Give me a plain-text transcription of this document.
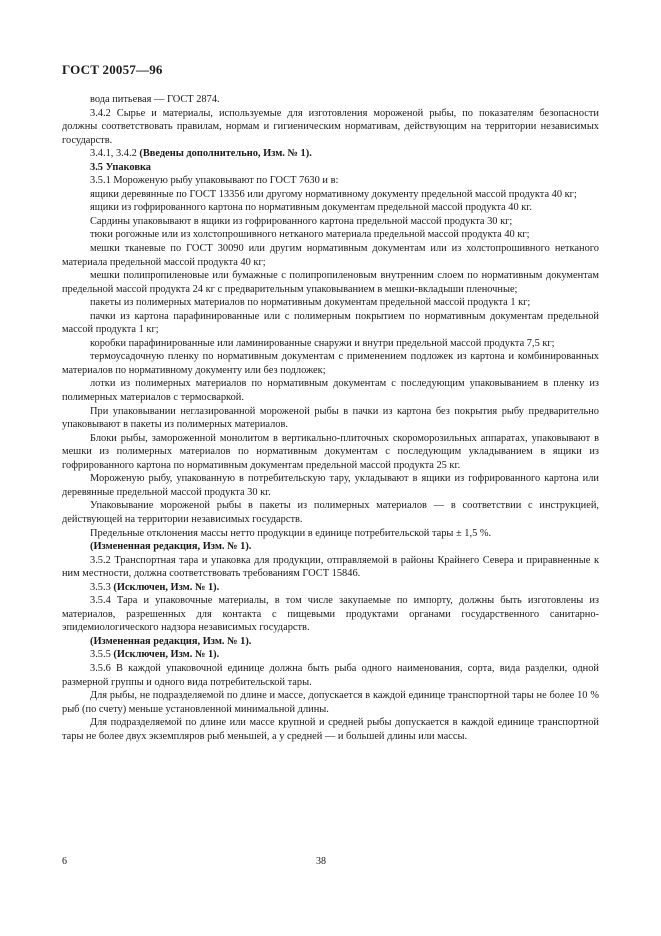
ГОСТ 20057—96

вода питьевая — ГОСТ 2874.

3.4.2 Сырье и материалы, используемые для изготовления мороженой рыбы, по показателям безопасности должны соответствовать правилам, нормам и гигиеническим нормативам, действующим на территории независимых государств.

3.4.1, 3.4.2 (Введены дополнительно, Изм. № 1).

3.5 Упаковка

3.5.1 Мороженую рыбу упаковывают по ГОСТ 7630 и в:

ящики деревянные по ГОСТ 13356 или другому нормативному документу предельной массой продукта 40 кг;

ящики из гофрированного картона по нормативным документам предельной массой продукта 40 кг.

Сардины упаковывают в ящики из гофрированного картона предельной массой продукта 30 кг;

тюки рогожные или из холстопрошивного нетканого материала предельной массой продукта 40 кг;

мешки тканевые по ГОСТ 30090 или другим нормативным документам или из холстопрошивного нетканого материала предельной массой продукта 40 кг;

мешки полипропиленовые или бумажные с полипропиленовым внутренним слоем по нормативным документам предельной массой продукта 24 кг с предварительным упаковыванием в мешки-вкладыши пленочные;

пакеты из полимерных материалов по нормативным документам предельной массой продукта 1 кг;

пачки из картона парафинированные или с полимерным покрытием по нормативным документам предельной массой продукта 1 кг;

коробки парафинированные или ламинированные снаружи и внутри предельной массой продукта 7,5 кг;

термоусадочную пленку по нормативным документам с применением подложек из картона и комбинированных материалов по нормативному документу или без подложек;

лотки из полимерных материалов по нормативным документам с последующим упаковыванием в пленку из полимерных материалов с термосваркой.

При упаковывании неглазированной мороженой рыбы в пачки из картона без покрытия рыбу предварительно упаковывают в пакеты из полимерных материалов.

Блоки рыбы, замороженной монолитом в вертикально-плиточных скороморозильных аппаратах, упаковывают в мешки из полимерных материалов по нормативным документам с последующим укладыванием в ящики из гофрированного картона по нормативным документам предельной массой продукта 25 кг.

Мороженую рыбу, упакованную в потребительскую тару, укладывают в ящики из гофрированного картона или деревянные предельной массой продукта 30 кг.

Упаковывание мороженой рыбы в пакеты из полимерных материалов — в соответствии с инструкцией, действующей на территории независимых государств.

Предельные отклонения массы нетто продукции в единице потребительской тары ± 1,5 %.

(Измененная редакция, Изм. № 1).

3.5.2 Транспортная тара и упаковка для продукции, отправляемой в районы Крайнего Севера и приравненные к ним местности, должна соответствовать требованиям ГОСТ 15846.

3.5.3 (Исключен, Изм. № 1).

3.5.4 Тара и упаковочные материалы, в том числе закупаемые по импорту, должны быть изготовлены из материалов, разрешенных для контакта с пищевыми продуктами органами государственного санитарно-эпидемиологического надзора независимых государств.

(Измененная редакция, Изм. № 1).

3.5.5 (Исключен, Изм. № 1).

3.5.6 В каждой упаковочной единице должна быть рыба одного наименования, сорта, вида разделки, одной размерной группы и одного вида потребительской тары.

Для рыбы, не подразделяемой по длине и массе, допускается в каждой единице транспортной тары не более 10 % рыб (по счету) меньше установленной минимальной длины.

Для подразделяемой по длине или массе крупной и средней рыбы допускается в каждой единице транспортной тары не более двух экземпляров рыб меньшей, а у средней — и большей длины или массы.

6	38
